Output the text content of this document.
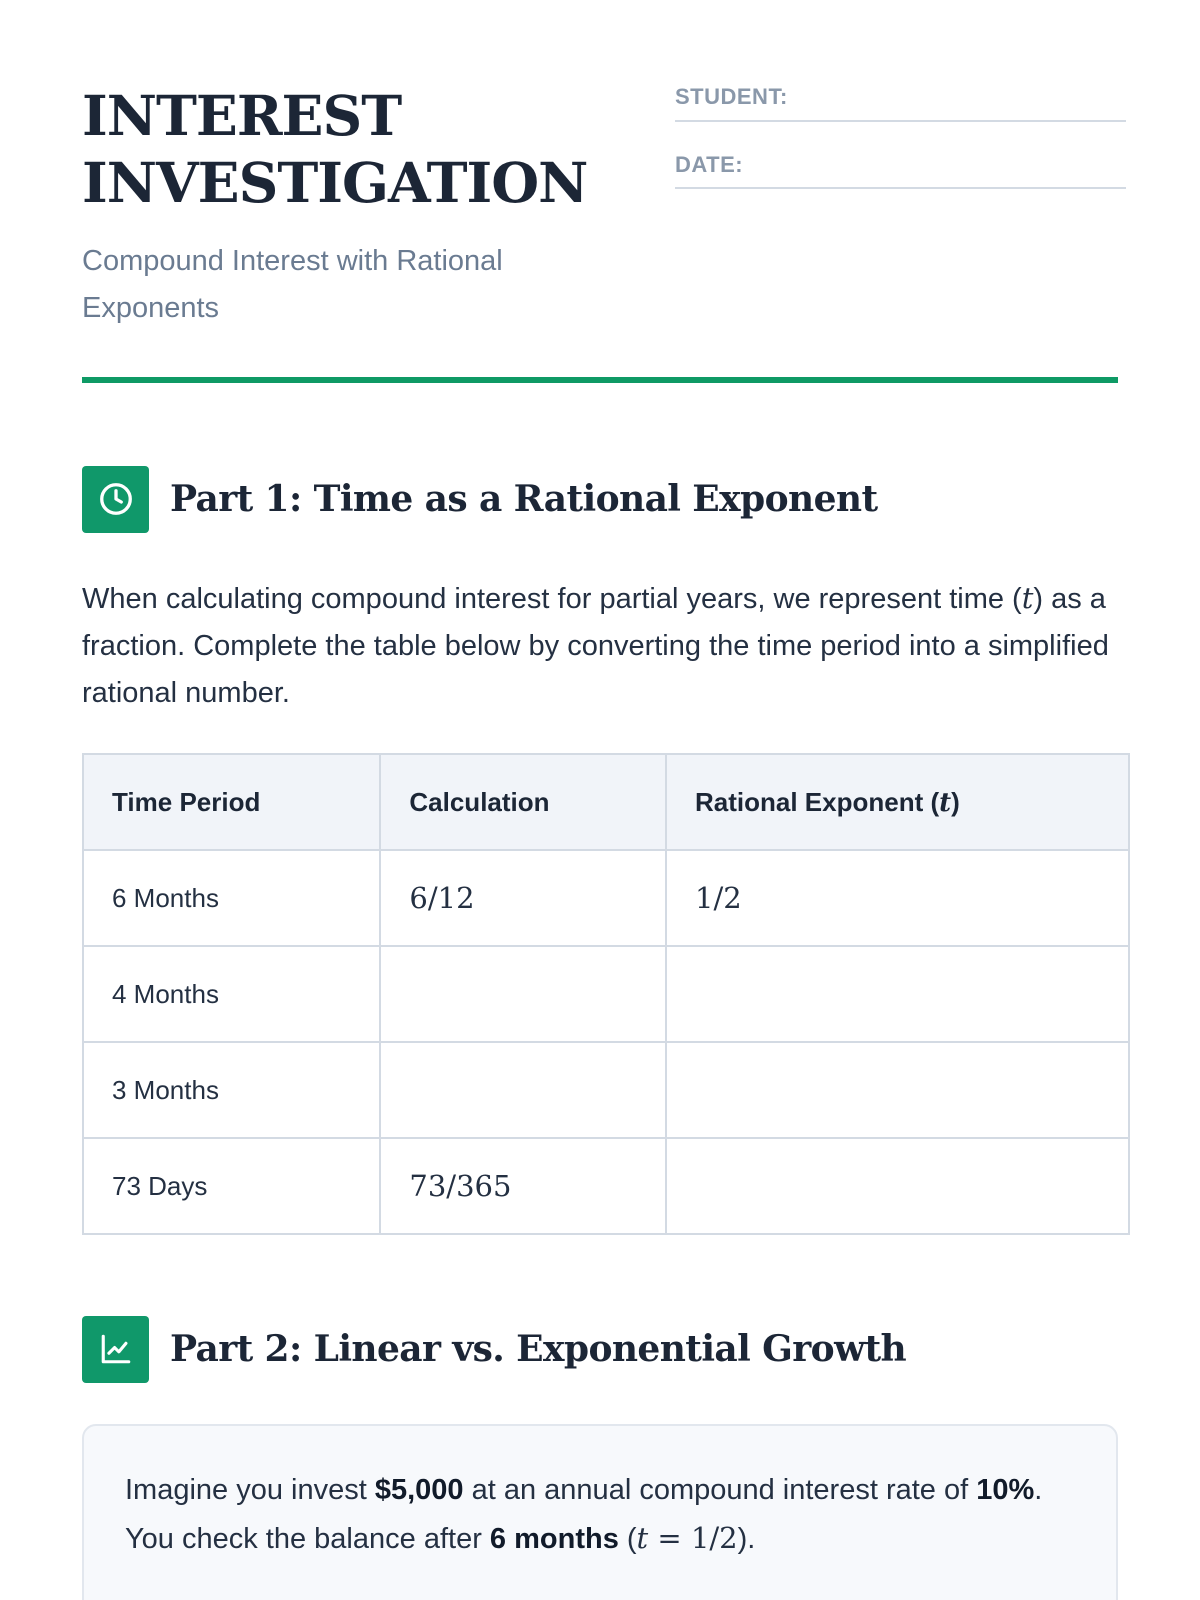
INTEREST
INVESTIGATION
Compound Interest with Rational Exponents
STUDENT:
DATE:
Part 1: Time as a Rational Exponent

When calculating compound interest for partial years, we represent time (t) as a fraction. Complete the table below by converting the time period into a simplified rational number.

Time Period	Calculation	Rational Exponent (t)
6 Months	6/12	1/2
4 Months		
3 Months		
73 Days	73/365	
Part 2: Linear vs. Exponential Growth
Imagine you invest $5,000 at an annual compound interest rate of 10%. You check the balance after 6 months (t = 1/2).
